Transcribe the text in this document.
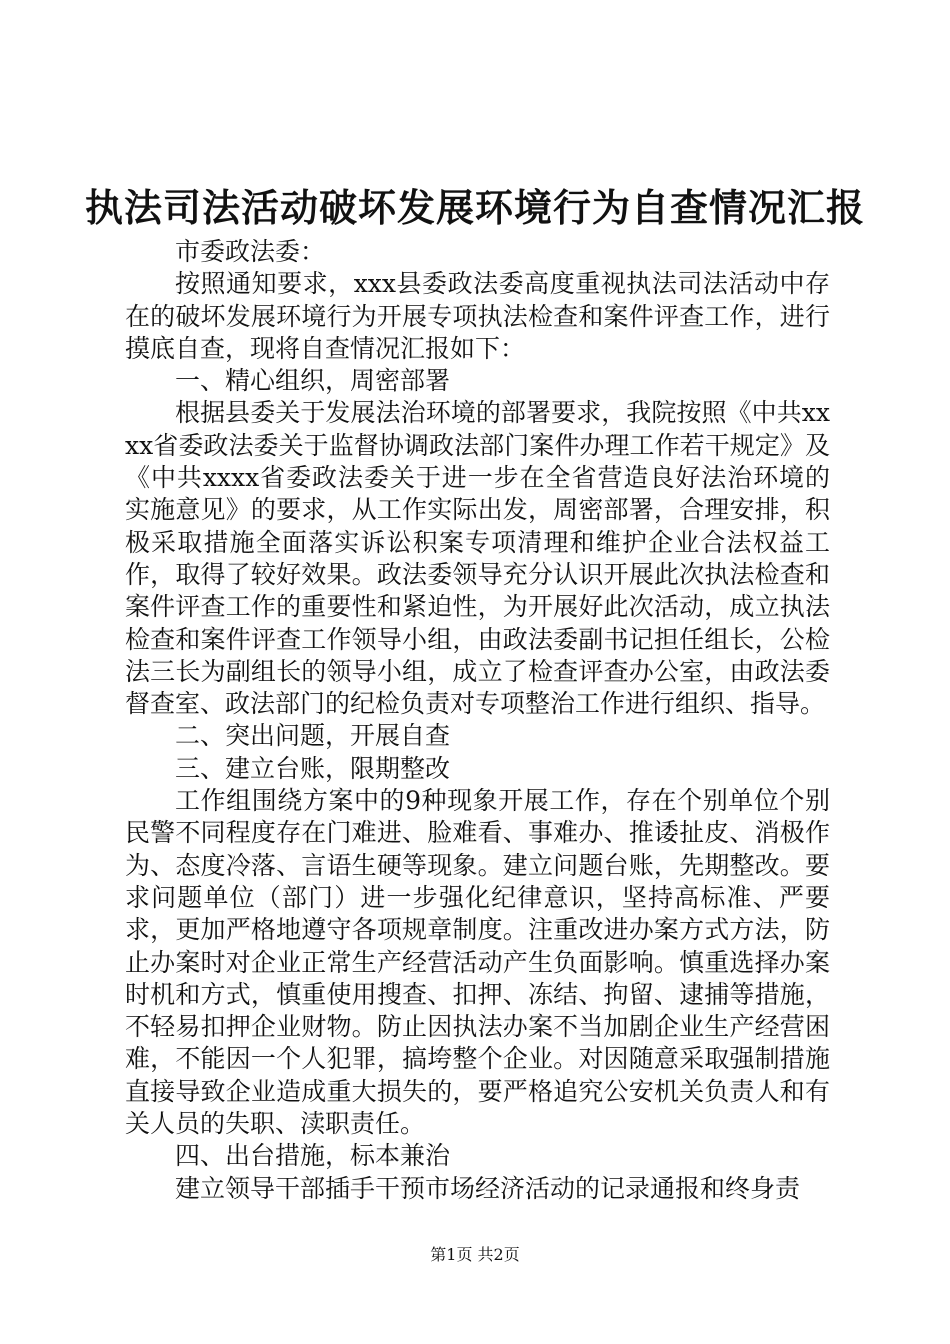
执法司法活动破坏发展环境行为自查情况汇报

市委政法委：

按照通知要求，xxx县委政法委高度重视执法司法活动中存在的破坏发展环境行为开展专项执法检查和案件评查工作，进行摸底自查，现将自查情况汇报如下：

一、精心组织，周密部署

根据县委关于发展法治环境的部署要求，我院按照《中共xxxx省委政法委关于监督协调政法部门案件办理工作若干规定》及《中共xxxx省委政法委关于进一步在全省营造良好法治环境的实施意见》的要求，从工作实际出发，周密部署，合理安排，积极采取措施全面落实诉讼积案专项清理和维护企业合法权益工作，取得了较好效果。政法委领导充分认识开展此次执法检查和案件评查工作的重要性和紧迫性，为开展好此次活动，成立执法检查和案件评查工作领导小组，由政法委副书记担任组长，公检法三长为副组长的领导小组，成立了检查评查办公室，由政法委督查室、政法部门的纪检负责对专项整治工作进行组织、指导。

二、突出问题，开展自查

三、建立台账，限期整改

工作组围绕方案中的9种现象开展工作，存在个别单位个别民警不同程度存在门难进、脸难看、事难办、推诿扯皮、消极作为、态度冷落、言语生硬等现象。建立问题台账，先期整改。要求问题单位（部门）进一步强化纪律意识，坚持高标准、严要求，更加严格地遵守各项规章制度。注重改进办案方式方法，防止办案时对企业正常生产经营活动产生负面影响。慎重选择办案时机和方式，慎重使用搜查、扣押、冻结、拘留、逮捕等措施，不轻易扣押企业财物。防止因执法办案不当加剧企业生产经营困难，不能因一个人犯罪，搞垮整个企业。对因随意采取强制措施直接导致企业造成重大损失的，要严格追究公安机关负责人和有关人员的失职、渎职责任。

四、出台措施，标本兼治

建立领导干部插手干预市场经济活动的记录通报和终身责

第1页 共2页
